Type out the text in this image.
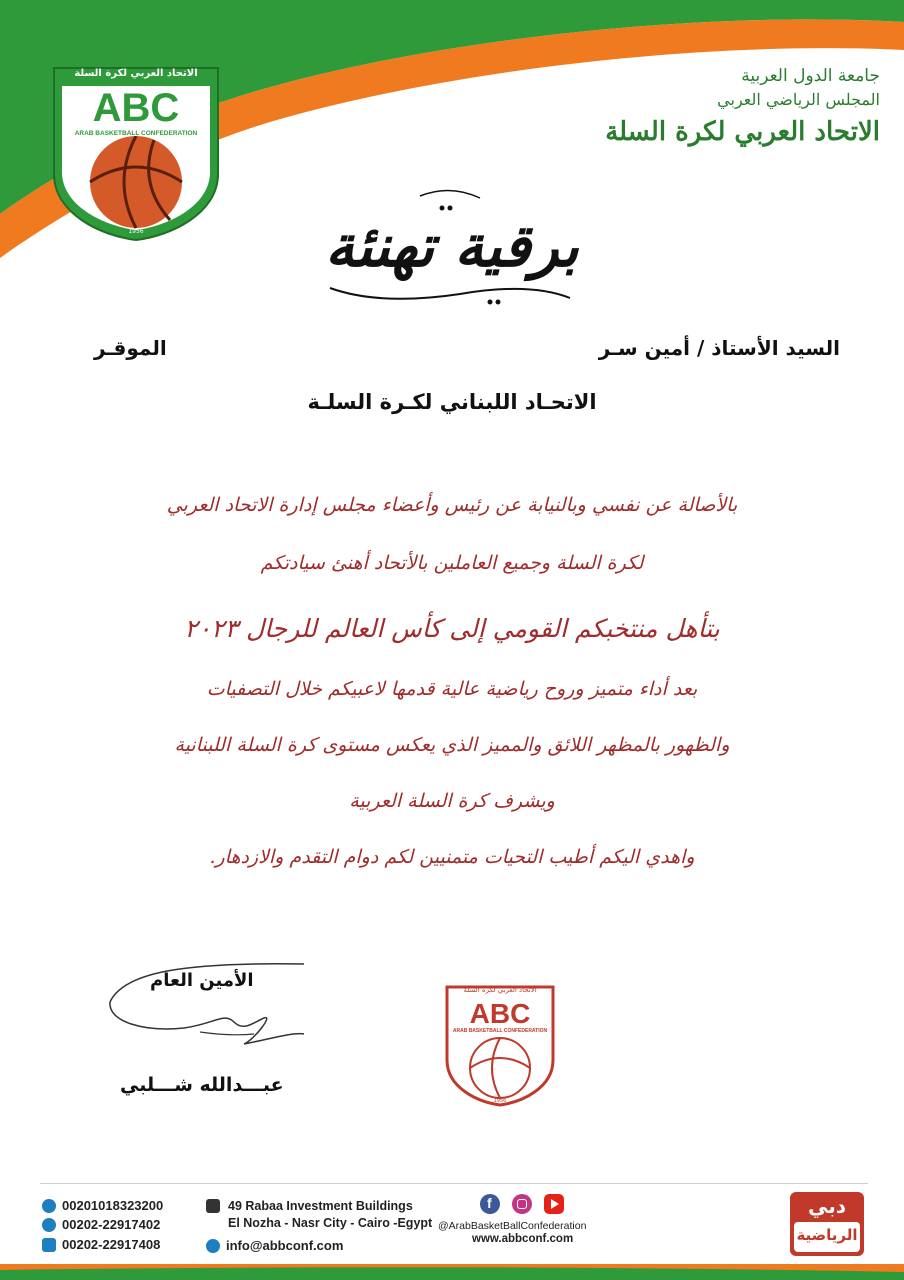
الاتحاد العربي لكرة السلة
ABC
ARAB BASKETBALL CONFEDERATION
1956
جامعة الدول العربية
المجلس الرياضي العربي
الاتحاد العربي لكرة السلة
برقية تهنئة
السيد الأستاذ / أمين سـر
الموقـر
الاتحـاد اللبناني لكـرة السلـة
بالأصالة عن نفسي وبالنيابة عن رئيس وأعضاء مجلس إدارة الاتحاد العربي
لكرة السلة وجميع العاملين بالأتحاد أهنئ سيادتكم
بتأهل منتخبكم القومي إلى كأس العالم للرجال ٢٠٢٣
بعد أداء متميز وروح رياضية عالية قدمها لاعبيكم خلال التصفيات
والظهور بالمظهر اللائق والمميز الذي يعكس مستوى كرة السلة اللبنانية
ويشرف كرة السلة العربية
واهدي اليكم أطيب التحيات متمنيين لكم دوام التقدم والازدهار.
الأمين العام
عبـــدالله شـــلبي
الاتحاد العربي لكرة السلة
ABC
ARAB BASKETBALL CONFEDERATION
1956
00201018323200
00202-22917402
00202-22917408
49 Rabaa Investment Buildings
El Nozha - Nasr City - Cairo -Egypt
info@abbconf.com
f
@ArabBasketBallConfederation
www.abbconf.com
دبي
الرياضية
